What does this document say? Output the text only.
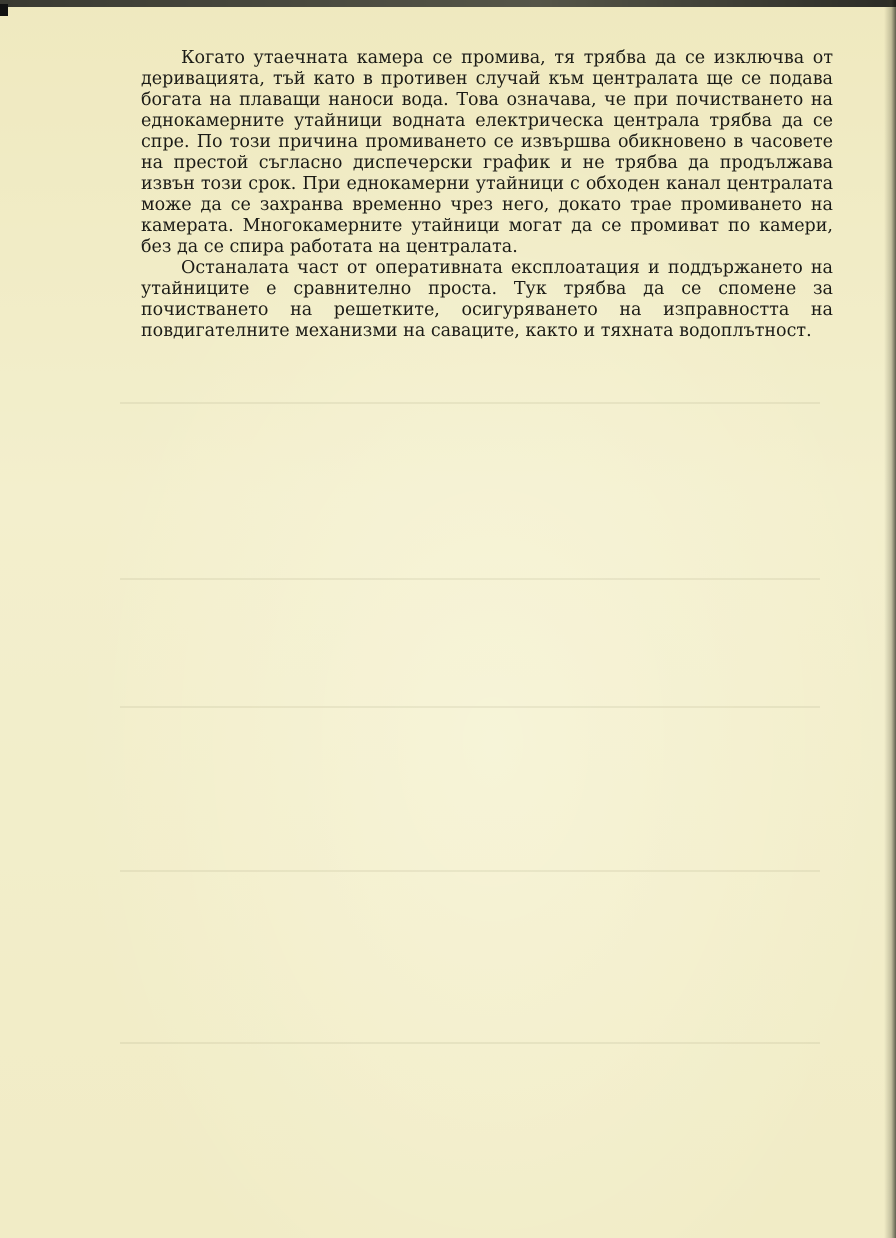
Когато утаечната камера се промива, тя трябва да се изключва от деривацията, тъй като в противен случай към централата ще се подава богата на плаващи наноси вода. Това означава, че при почистването на еднокамерните утайници водната електрическа централа трябва да се спре. По този причина промиването се извършва обикновено в часовете на престой съгласно диспечерски график и не трябва да продължава извън този срок. При еднокамерни утайници с обходен канал централата може да се захранва временно чрез него, докато трае промиването на камерата. Многокамерните утайници могат да се промиват по камери, без да се спира работата на централата.

Останалата част от оперативната експлоатация и поддържането на утайниците е сравнително проста. Тук трябва да се спомене за почистването на решетките, осигуряването на изправността на повдигателните механизми на саваците, както и тяхната водоплътност.
